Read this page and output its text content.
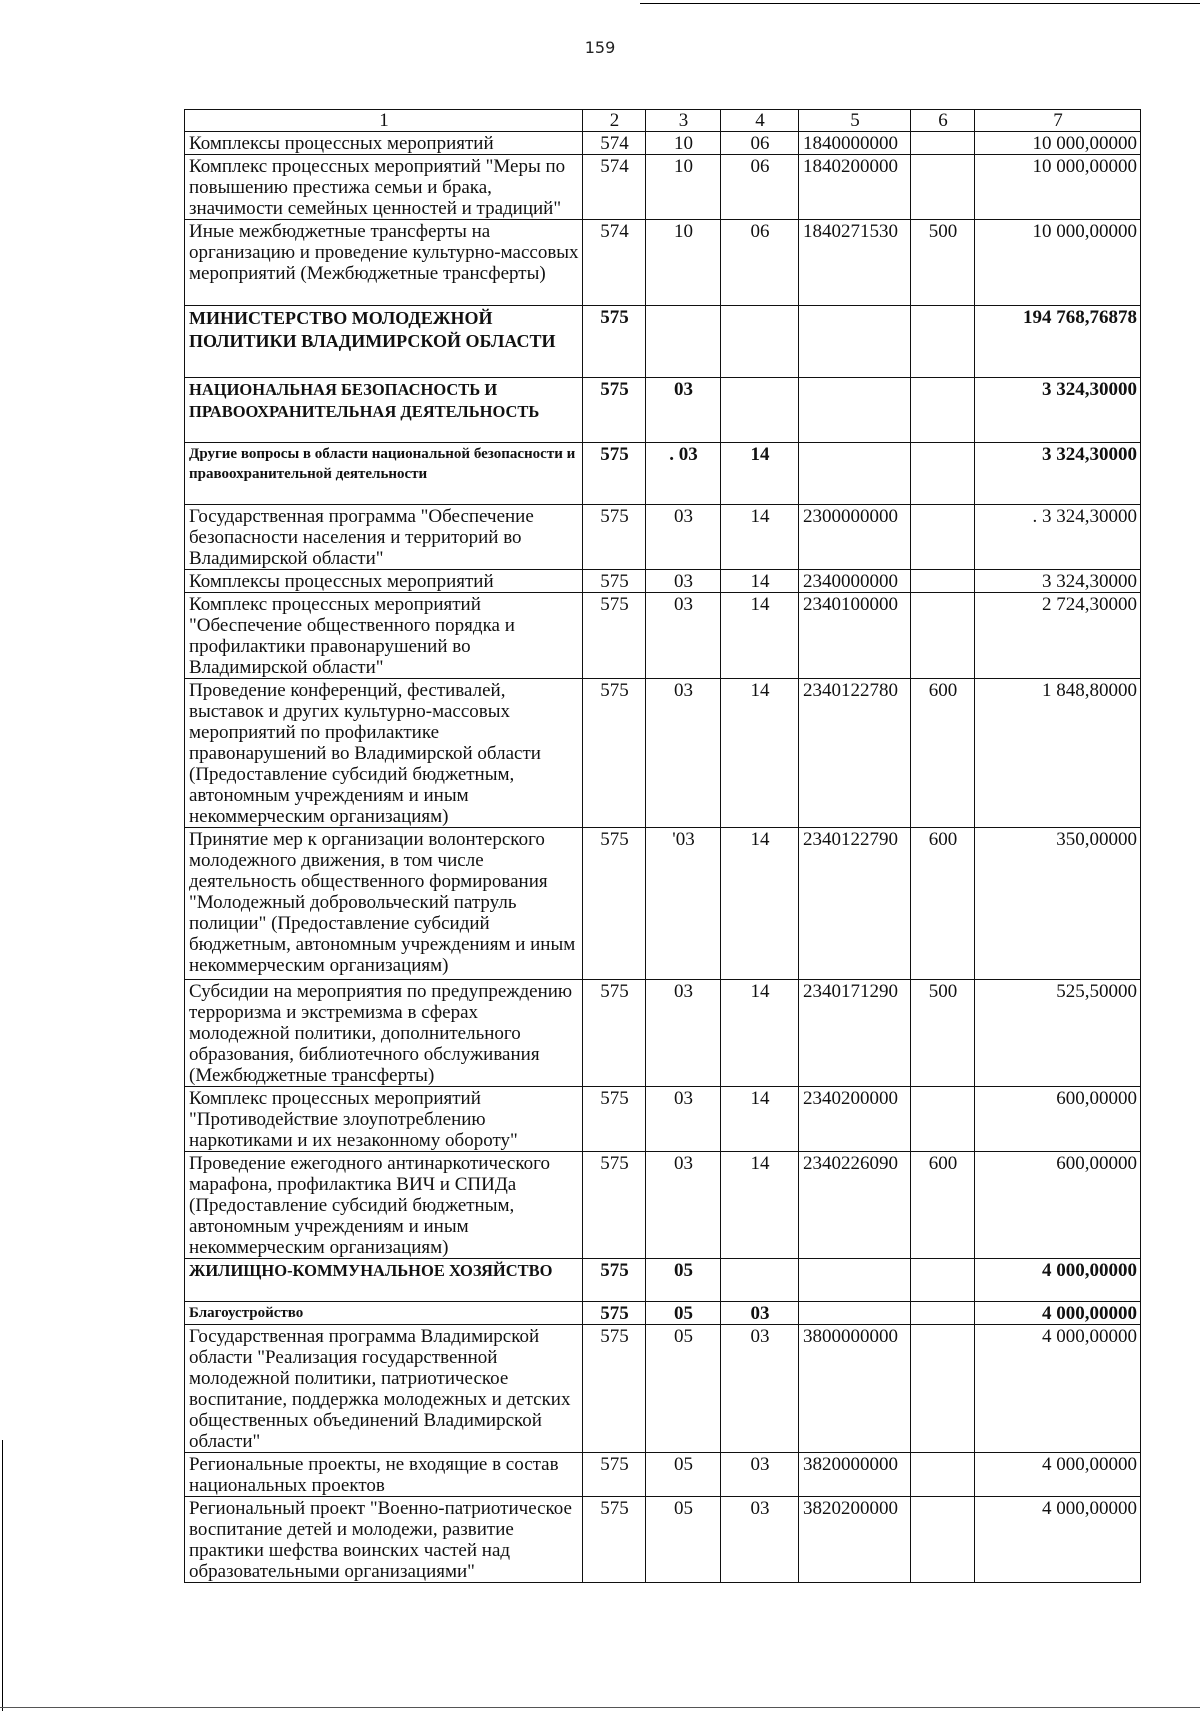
159
1	2	3	4	5	6	7
Комплексы процессных мероприятий	574	10	06	1840000000		10 000,00000
Комплекс процессных мероприятий "Меры по повышению престижа семьи и брака, значимости семейных ценностей и традиций"	574	10	06	1840200000		10 000,00000
Иные межбюджетные трансферты на организацию и проведение культурно-массовых мероприятий (Межбюджетные трансферты)	574	10	06	1840271530	500	10 000,00000
МИНИСТЕРСТВО МОЛОДЕЖНОЙ ПОЛИТИКИ ВЛАДИМИРСКОЙ ОБЛАСТИ	575					194 768,76878
НАЦИОНАЛЬНАЯ БЕЗОПАСНОСТЬ И ПРАВООХРАНИТЕЛЬНАЯ ДЕЯТЕЛЬНОСТЬ	575	03				3 324,30000
Другие вопросы в области национальной безопасности и правоохранительной деятельности	575	. 03	14			3 324,30000
Государственная программа "Обеспечение безопасности населения и территорий во Владимирской области"	575	03	14	2300000000		. 3 324,30000
Комплексы процессных мероприятий	575	03	14	2340000000		3 324,30000
Комплекс процессных мероприятий "Обеспечение общественного порядка и профилактики правонарушений во Владимирской области"	575	03	14	2340100000		2 724,30000
Проведение конференций, фестивалей, выставок и других культурно-массовых мероприятий по профилактике правонарушений во Владимирской области (Предоставление субсидий бюджетным, автономным учреждениям и иным некоммерческим организациям)	575	03	14	2340122780	600	1 848,80000
Принятие мер к организации волонтерского молодежного движения, в том числе деятельность общественного формирования "Молодежный добровольческий патруль полиции" (Предоставление субсидий бюджетным, автономным учреждениям и иным некоммерческим организациям)	575	'03	14	2340122790	600	350,00000
Субсидии на мероприятия по предупреждению терроризма и экстремизма в сферах молодежной политики, дополнительного образования, библиотечного обслуживания (Межбюджетные трансферты)	575	03	14	2340171290	500	525,50000
Комплекс процессных мероприятий "Противодействие злоупотреблению наркотиками и их незаконному обороту"	575	03	14	2340200000		600,00000
Проведение ежегодного антинаркотического марафона, профилактика ВИЧ и СПИДа (Предоставление субсидий бюджетным, автономным учреждениям и иным некоммерческим организациям)	575	03	14	2340226090	600	600,00000
ЖИЛИЩНО-КОММУНАЛЬНОЕ ХОЗЯЙСТВО	575	05				4 000,00000
Благоустройство	575	05	03			4 000,00000
Государственная программа Владимирской области "Реализация государственной молодежной политики, патриотическое воспитание, поддержка молодежных и детских общественных объединений Владимирской области"	575	05	03	3800000000		4 000,00000
Региональные проекты, не входящие в состав национальных проектов	575	05	03	3820000000		4 000,00000
Региональный проект "Военно-патриотическое воспитание детей и молодежи, развитие практики шефства воинских частей над образовательными организациями"	575	05	03	3820200000		4 000,00000
